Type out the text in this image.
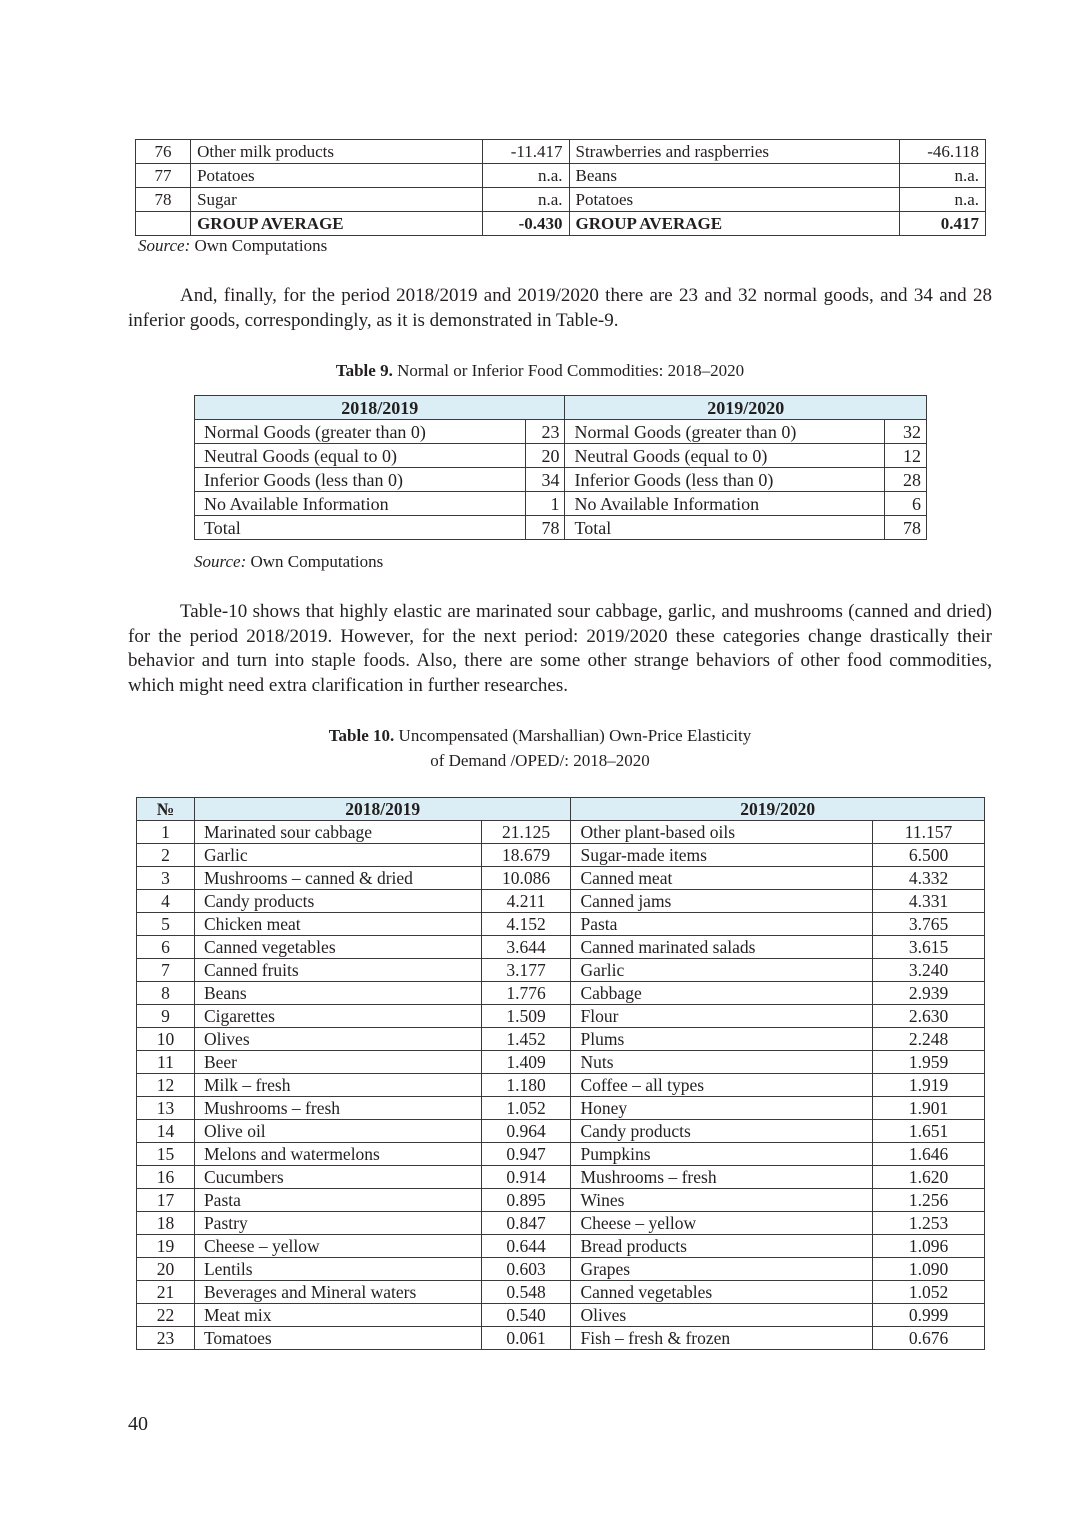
76	Other milk products	-11.417	Strawberries and raspberries	-46.118
77	Potatoes	n.a.	Beans	n.a.
78	Sugar	n.a.	Potatoes	n.a.
	GROUP AVERAGE	-0.430	GROUP AVERAGE	0.417
Source: Own Computations

And, finally, for the period 2018/2019 and 2019/2020 there are 23 and 32 normal goods, and 34 and 28 inferior goods, correspondingly, as it is demonstrated in Table-9.

Table 9. Normal or Inferior Food Commodities: 2018–2020
2018/2019		2019/2020	
Normal Goods (greater than 0)	23	Normal Goods (greater than 0)	32
Neutral Goods (equal to 0)	20	Neutral Goods (equal to 0)	12
Inferior Goods (less than 0)	34	Inferior Goods (less than 0)	28
No Available Information	1	No Available Information	6
Total	78	Total	78
Source: Own Computations

Table-10 shows that highly elastic are marinated sour cabbage, garlic, and mushrooms (canned and dried) for the period 2018/2019. However, for the next period: 2019/2020 these categories change drastically their behavior and turn into staple foods. Also, there are some other strange behaviors of other food commodities, which might need extra clarification in further researches.

Table 10. Uncompensated (Marshallian) Own-Price Elasticity
of Demand /OPED/: 2018–2020
№	2018/2019		2019/2020	
1	Marinated sour cabbage	21.125	Other plant-based oils	11.157
2	Garlic	18.679	Sugar-made items	6.500
3	Mushrooms – canned & dried	10.086	Canned meat	4.332
4	Candy products	4.211	Canned jams	4.331
5	Chicken meat	4.152	Pasta	3.765
6	Canned vegetables	3.644	Canned marinated salads	3.615
7	Canned fruits	3.177	Garlic	3.240
8	Beans	1.776	Cabbage	2.939
9	Cigarettes	1.509	Flour	2.630
10	Olives	1.452	Plums	2.248
11	Beer	1.409	Nuts	1.959
12	Milk – fresh	1.180	Coffee – all types	1.919
13	Mushrooms – fresh	1.052	Honey	1.901
14	Olive oil	0.964	Candy products	1.651
15	Melons and watermelons	0.947	Pumpkins	1.646
16	Cucumbers	0.914	Mushrooms – fresh	1.620
17	Pasta	0.895	Wines	1.256
18	Pastry	0.847	Cheese – yellow	1.253
19	Cheese – yellow	0.644	Bread products	1.096
20	Lentils	0.603	Grapes	1.090
21	Beverages and Mineral waters	0.548	Canned vegetables	1.052
22	Meat mix	0.540	Olives	0.999
23	Tomatoes	0.061	Fish – fresh & frozen	0.676
40
